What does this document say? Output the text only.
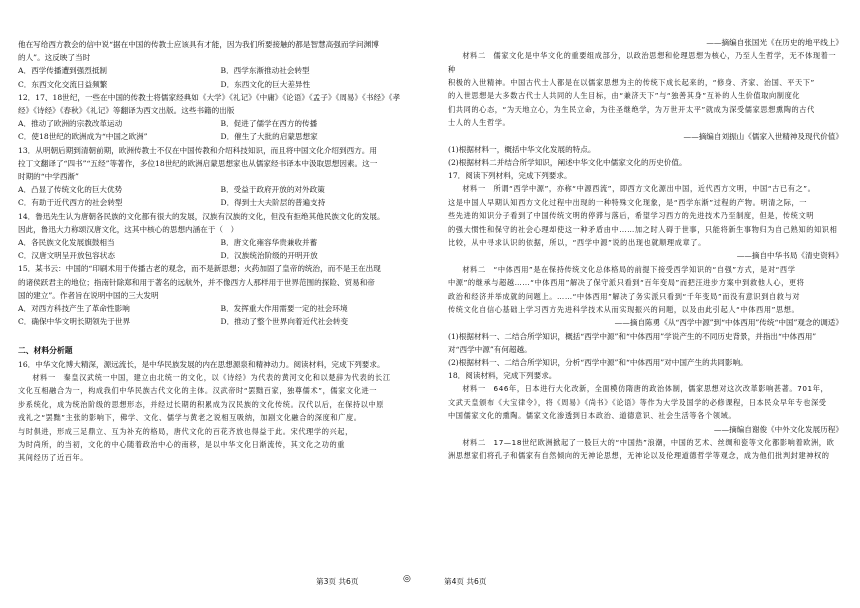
他在写给西方教会的信中说“据在中国的传教士应该具有才能，因为我们所要接触的都是智慧高强而学问渊博

的人”。这反映了当时

A．西学传播遭到强烈抵制	B．西学东渐推动社会转型
C．东西文化交流日益频繁	D．东西文化的巨大差异性

12．17、18世纪，一些在中国的传教士将儒家经典如《大学》《礼记》《中庸》《论语》《孟子》《周易》《书经》《孝

经》《诗经》《春秋》《礼记》等翻译为西文出版。这些书籍的出版

A．推动了欧洲的宗教改革运动	B．促进了儒学在西方的传播
C．使18世纪的欧洲成为“中国之欧洲”	D．催生了大批的启蒙思想家

13．从明朝后期到清朝前期，欧洲传教士不仅在中国传教和介绍科技知识，而且将中国文化介绍到西方。用

拉丁文翻译了“四书”“五经”等著作，多位18世纪的欧洲启蒙思想家也从儒家经书译本中汲取思想因素。这一

时期的“中学西渐”

A．凸显了传统文化的巨大优势	B．受益于政府开放的对外政策
C．有助于近代西方的社会转型	D．得到士大夫阶层的普遍支持

14．鲁迅先生认为唐朝各民族的文化都有很大的发展，汉族有汉族的文化，但没有拒绝其他民族文化的发展。

因此，鲁迅大力称颂汉唐文化，这其中核心的思想内涵在于（　）

A．各民族文化发展旗鼓相当	B．唐文化雍容华贵兼收并蓄
C．汉唐文明呈开放包容状态	D．汉族统治阶级的开明开放

15．某书云：中国的“印刷术用于传播古老的观念，而不是新思想；火药加固了皇帝的统治，而不是王在出现

的诸侯跃君主的地位；指南针除郑和用于著名的远航外，并不像西方人那样用于世界范围的探险、贸易和帝

国的建立”。作者旨在说明中国的三大发明

A．对西方科技产生了革命性影响	B．发挥重大作用需要一定的社会环境
C．确保中华文明长期领先于世界	D．推动了整个世界向着近代社会转变

二、材料分析题

16．中华文化博大精深，源远流长，是中华民族发展的内在思想源泉和精神动力。阅读材料，完成下列要求。

材料一　秦皇汉武统一中国，建立由北统一的文化，以《诗经》为代表的黄河文化和以楚辞为代表的长江

文化互相融合为一，构成我们中华民族古代文化的主体。汉武帝时“罢黜百家，独尊儒术”，儒家文化进一

步系统化，成为统治阶级的思想形态，并经过长期的积累成为汉民族的文化传统。汉代以后，在保持以中原

戎礼之“罢黜”主张的影响下，佛学、文化、儒学与黄老之说相互吸纳，加剧文化融合的深度和广度。

与时俱进，形成三足鼎立、互为补充的格局，唐代文化的百花齐放也得益于此。宋代理学的兴起，

为时尚所，的当初，文化的中心随着政治中心的南移，是以中华文化日渐流传，其文化之功的重

其间经历了近百年。

——摘编自张国光《在历史的地平线上》

材料二　儒家文化是中华文化的重要组成部分，以政治思想和伦理思想为核心，乃至人生哲学，无不体现着一种

积极的入世精神。中国古代士人都是在以儒家思想为主的传统下成长起来的，“修身、齐家、治国、平天下”

的入世思想是大多数古代士人共同的人生目标，由“兼济天下”与“独善其身”互补的人生价值取向制度化

们共同的心态，“为天地立心，为生民立命，为往圣继绝学，为万世开太平”就成为深受儒家思想熏陶的古代

士人的人生哲学。

——摘编自刘振山《儒家入世精神及现代价值》

(1)根据材料一，概括中华文化发展的特点。

(2)根据材料二并结合所学知识，阐述中华文化中儒家文化的历史价值。

17．阅读下列材料，完成下列要求。

材料一　所谓“西学中源”，亦称“中源西流”，即西方文化源出中国，近代西方文明，中国“古已有之”。

这是中国人早期认知西方文化过程中出现的一种特殊文化现象，是“西学东渐”过程的产物。明清之际，一

些先进的知识分子看到了中国传统文明的停滞与落后，希望学习西方的先进技术乃至制度，但是，传统文明

的强大惯性和保守的社会心理却使这一种矛盾由中……加之时人碍于世事，只能将新生事物归为自己熟知的知识相

比较，从中寻求认识的依据，所以，“西学中源”说的出现也就顺理成章了。

——摘自中华书局《清史资料》

材料二　“中体西用”是在保持传统文化总体格局的前提下接受西学知识的“自强”方式，是对“西学

中源”的继承与超越……“中体西用”解决了保守派只看到“百年变局”而把汪进步方案中到救他人心，更将

政治和经济并举成就的问题上。……“中体西用”解决了务实派只看到“千年变局”而没有意识到自救与对

传统文化自信心基础上学习西方先进科学技术从而实现振兴的问题，以及由此引起人“中体西用”思想。

——摘自陈勇《从“西学中源”到“中体西用”传统“中国”观念的调适》

(1)根据材料一、二结合所学知识，概括“西学中源”和“中体西用”学说产生的不同历史背景，并指出“中体西用”

对“西学中源”有何超越。

(2)根据材料一、二结合所学知识，分析“西学中源”和“中体西用”对中国产生的共同影响。

18．阅读材料，完成下列要求。

材料一　646年，日本进行大化改新，全面模仿隋唐的政治体制，儒家思想对这次改革影响甚著。701年，

文武天皇颁布《大宝律令》，将《周易》《尚书》《论语》等作为大学及国学的必修课程，日本民众早年专也深受

中国儒家文化的熏陶。儒家文化渗透到日本政治、道德意识、社会生活等各个领域。

——摘编自谢俊《中外文化发展历程》

材料二　17—18世纪欧洲掀起了一股巨大的“中国热”浪潮，中国的艺术、丝绸和瓷等文化都影响着欧洲，欧

洲思想家们将孔子和儒家有自然倾向的无神论思想，无神论以及伦理道德哲学等观念，成为他们批判封建神权的

第3页 共6页	◎	第4页 共6页
